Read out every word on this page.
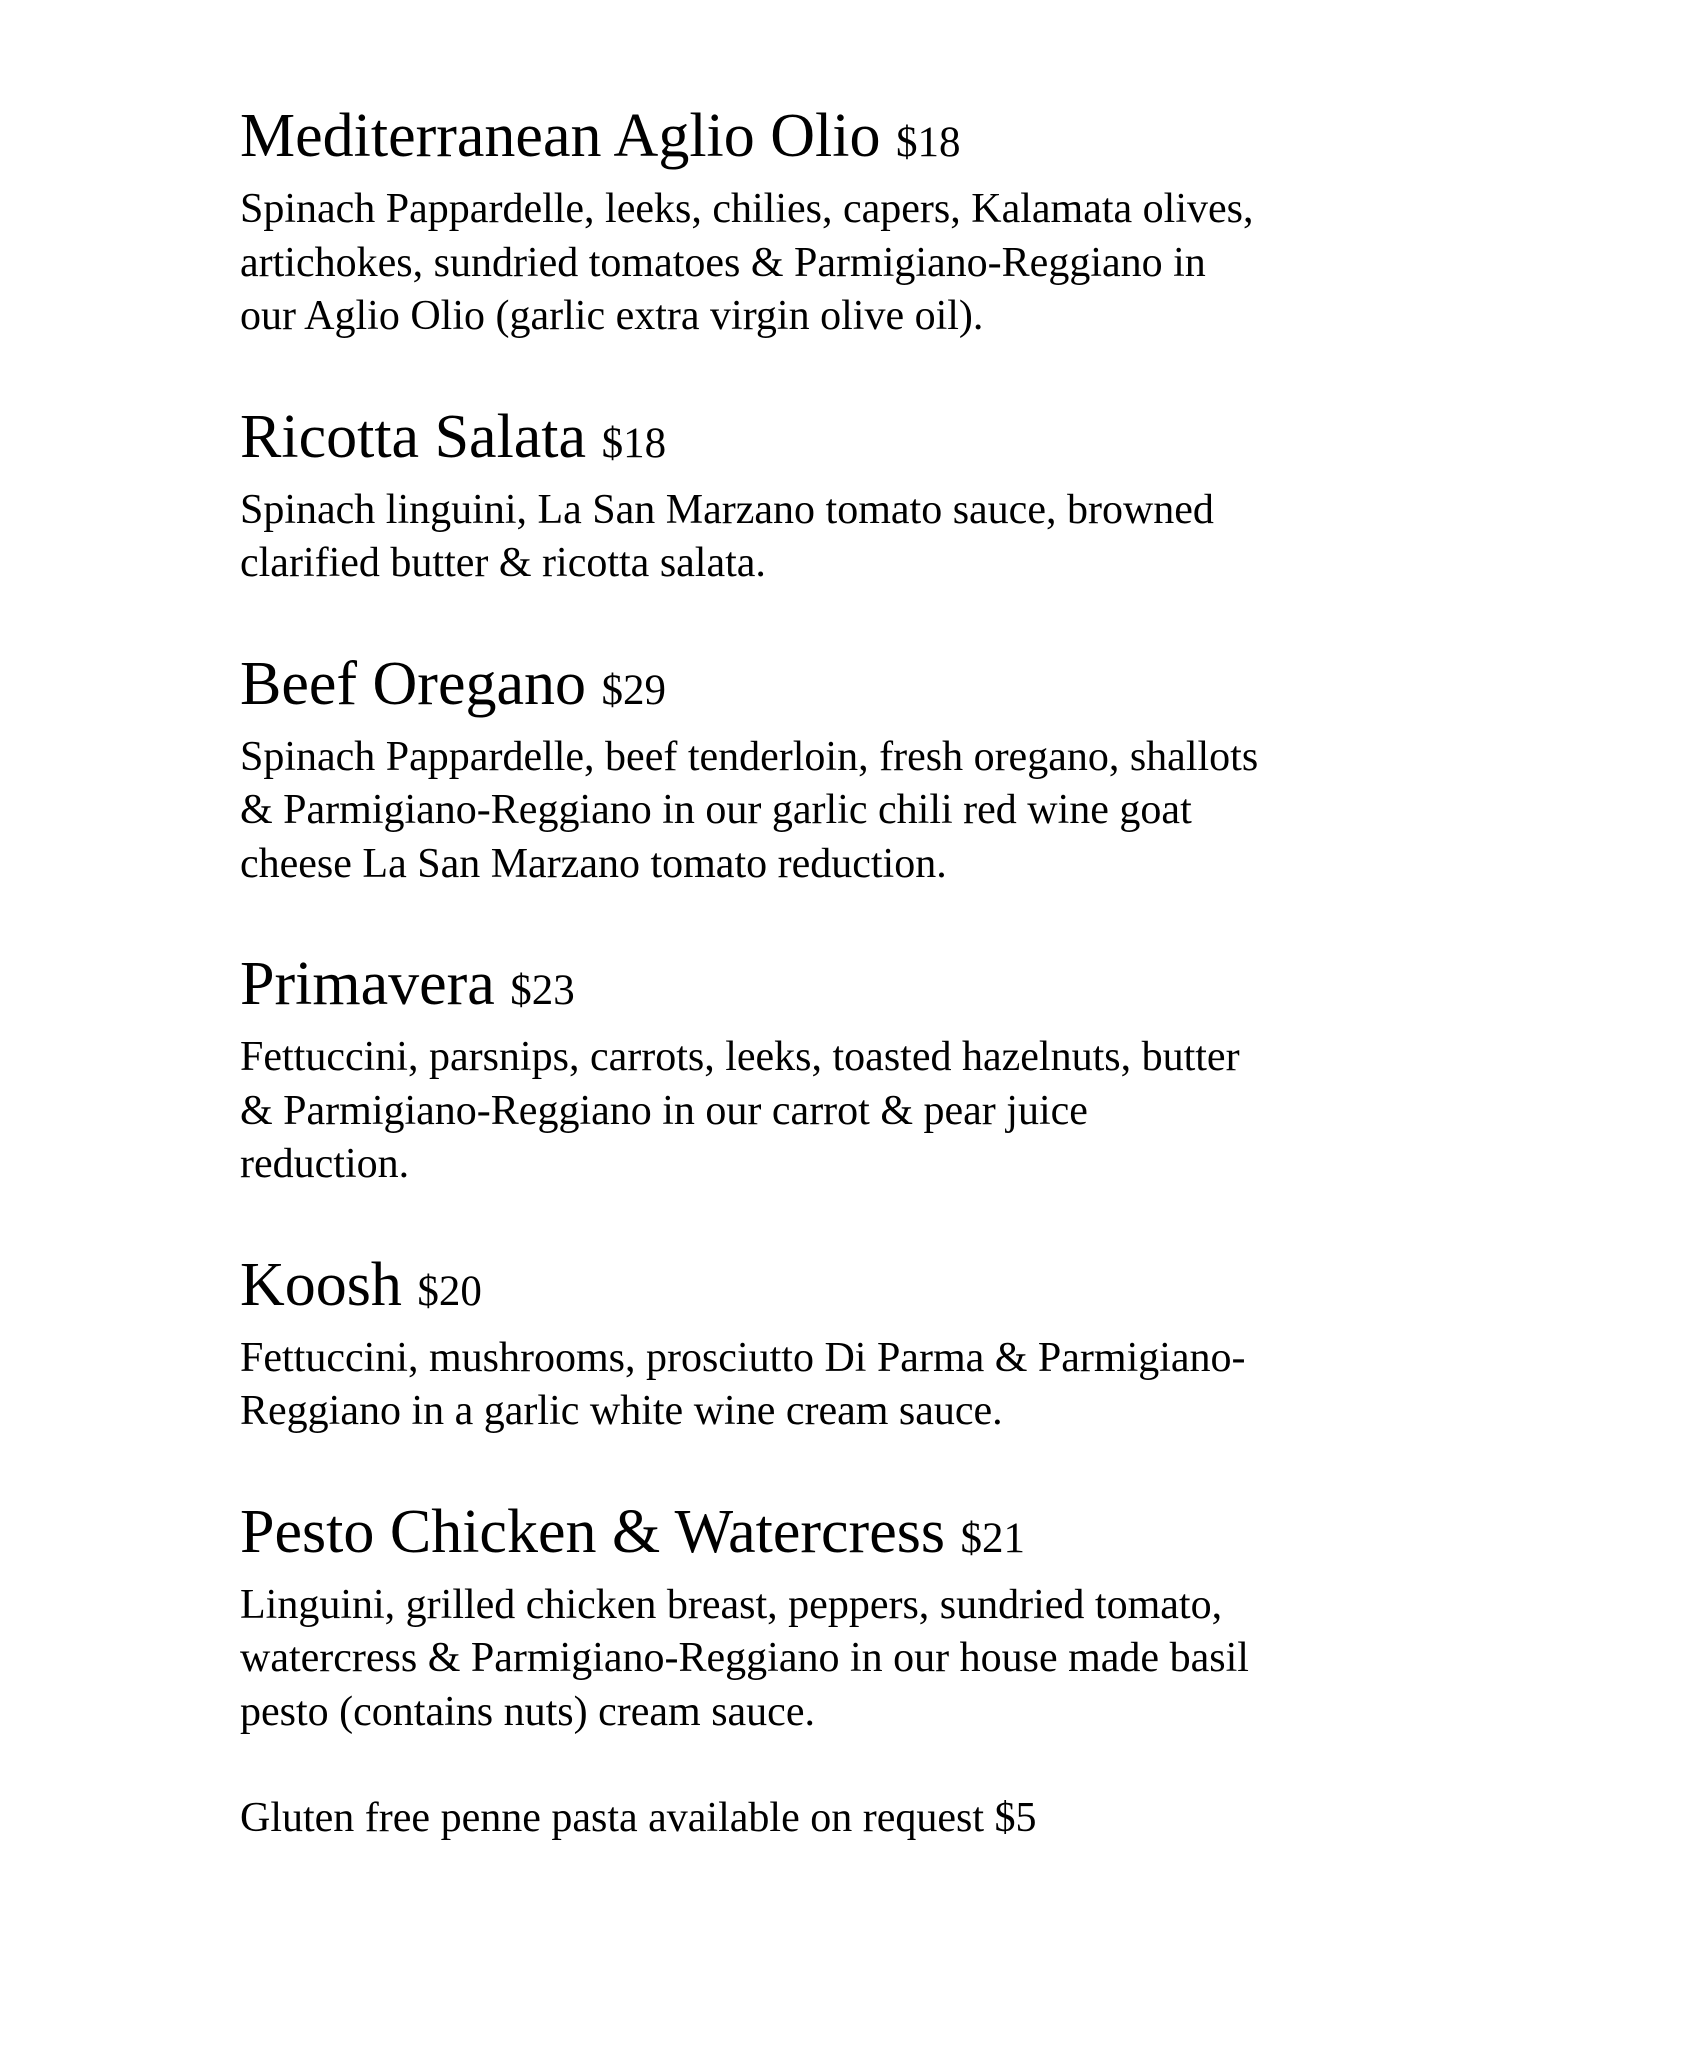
Mediterranean Aglio Olio $18
Spinach Pappardelle, leeks, chilies, capers, Kalamata olives,
artichokes, sundried tomatoes & Parmigiano-Reggiano in
our Aglio Olio (garlic extra virgin olive oil).
Ricotta Salata $18
Spinach linguini, La San Marzano tomato sauce, browned
clarified butter & ricotta salata.
Beef Oregano $29
Spinach Pappardelle, beef tenderloin, fresh oregano, shallots
& Parmigiano-Reggiano in our garlic chili red wine goat
cheese La San Marzano tomato reduction.
Primavera $23
Fettuccini, parsnips, carrots, leeks, toasted hazelnuts, butter
& Parmigiano-Reggiano in our carrot & pear juice
reduction.
Koosh $20
Fettuccini, mushrooms, prosciutto Di Parma & Parmigiano-
Reggiano in a garlic white wine cream sauce.
Pesto Chicken & Watercress $21
Linguini, grilled chicken breast, peppers, sundried tomato,
watercress & Parmigiano-Reggiano in our house made basil
pesto (contains nuts) cream sauce.
Gluten free penne pasta available on request $5
